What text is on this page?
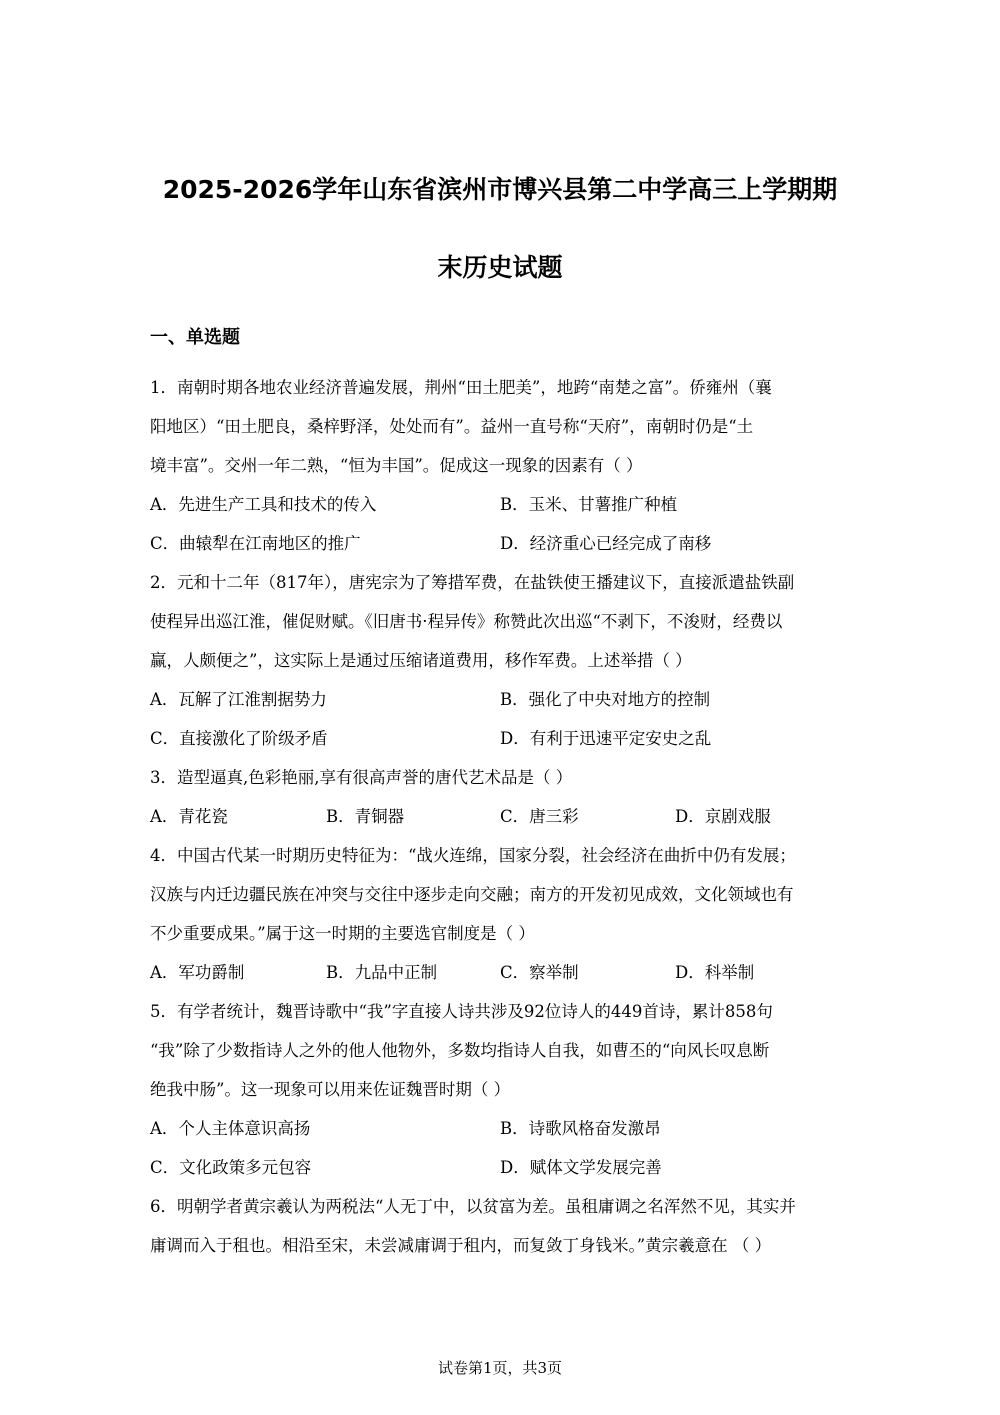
2025-2026学年山东省滨州市博兴县第二中学高三上学期期
末历史试题
一、单选题
1．南朝时期各地农业经济普遍发展，荆州“田土肥美”，地跨“南楚之富”。侨雍州（襄
阳地区）“田土肥良，桑梓野泽，处处而有”。益州一直号称“天府”，南朝时仍是“土
境丰富”。交州一年二熟，“恒为丰国”。促成这一现象的因素有（ ）
A．先进生产工具和技术的传入	B．玉米、甘薯推广种植
C．曲辕犁在江南地区的推广	D．经济重心已经完成了南移
2．元和十二年（817年），唐宪宗为了筹措军费，在盐铁使王播建议下，直接派遣盐铁副
使程异出巡江淮，催促财赋。《旧唐书·程异传》称赞此次出巡“不剥下，不浚财，经费以
赢，人颇便之”，这实际上是通过压缩诸道费用，移作军费。上述举措（ ）
A．瓦解了江淮割据势力	B．强化了中央对地方的控制
C．直接激化了阶级矛盾	D．有利于迅速平定安史之乱
3．造型逼真,色彩艳丽,享有很高声誉的唐代艺术品是（ ）
A．青花瓷	B．青铜器	C．唐三彩	D．京剧戏服
4．中国古代某一时期历史特征为：“战火连绵，国家分裂，社会经济在曲折中仍有发展；
汉族与内迁边疆民族在冲突与交往中逐步走向交融；南方的开发初见成效，文化领域也有
不少重要成果。”属于这一时期的主要选官制度是（ ）
A．军功爵制	B．九品中正制	C．察举制	D．科举制
5．有学者统计，魏晋诗歌中“我”字直接人诗共涉及92位诗人的449首诗，累计858句
“我”除了少数指诗人之外的他人他物外，多数均指诗人自我，如曹丕的“向风长叹息断
绝我中肠”。这一现象可以用来佐证魏晋时期（ ）
A．个人主体意识高扬	B．诗歌风格奋发激昂
C．文化政策多元包容	D．赋体文学发展完善
6．明朝学者黄宗羲认为两税法“人无丁中，以贫富为差。虽租庸调之名浑然不见，其实并
庸调而入于租也。相沿至宋，未尝减庸调于租内，而复敛丁身钱米。”黄宗羲意在 （ ）
试卷第1页，共3页
